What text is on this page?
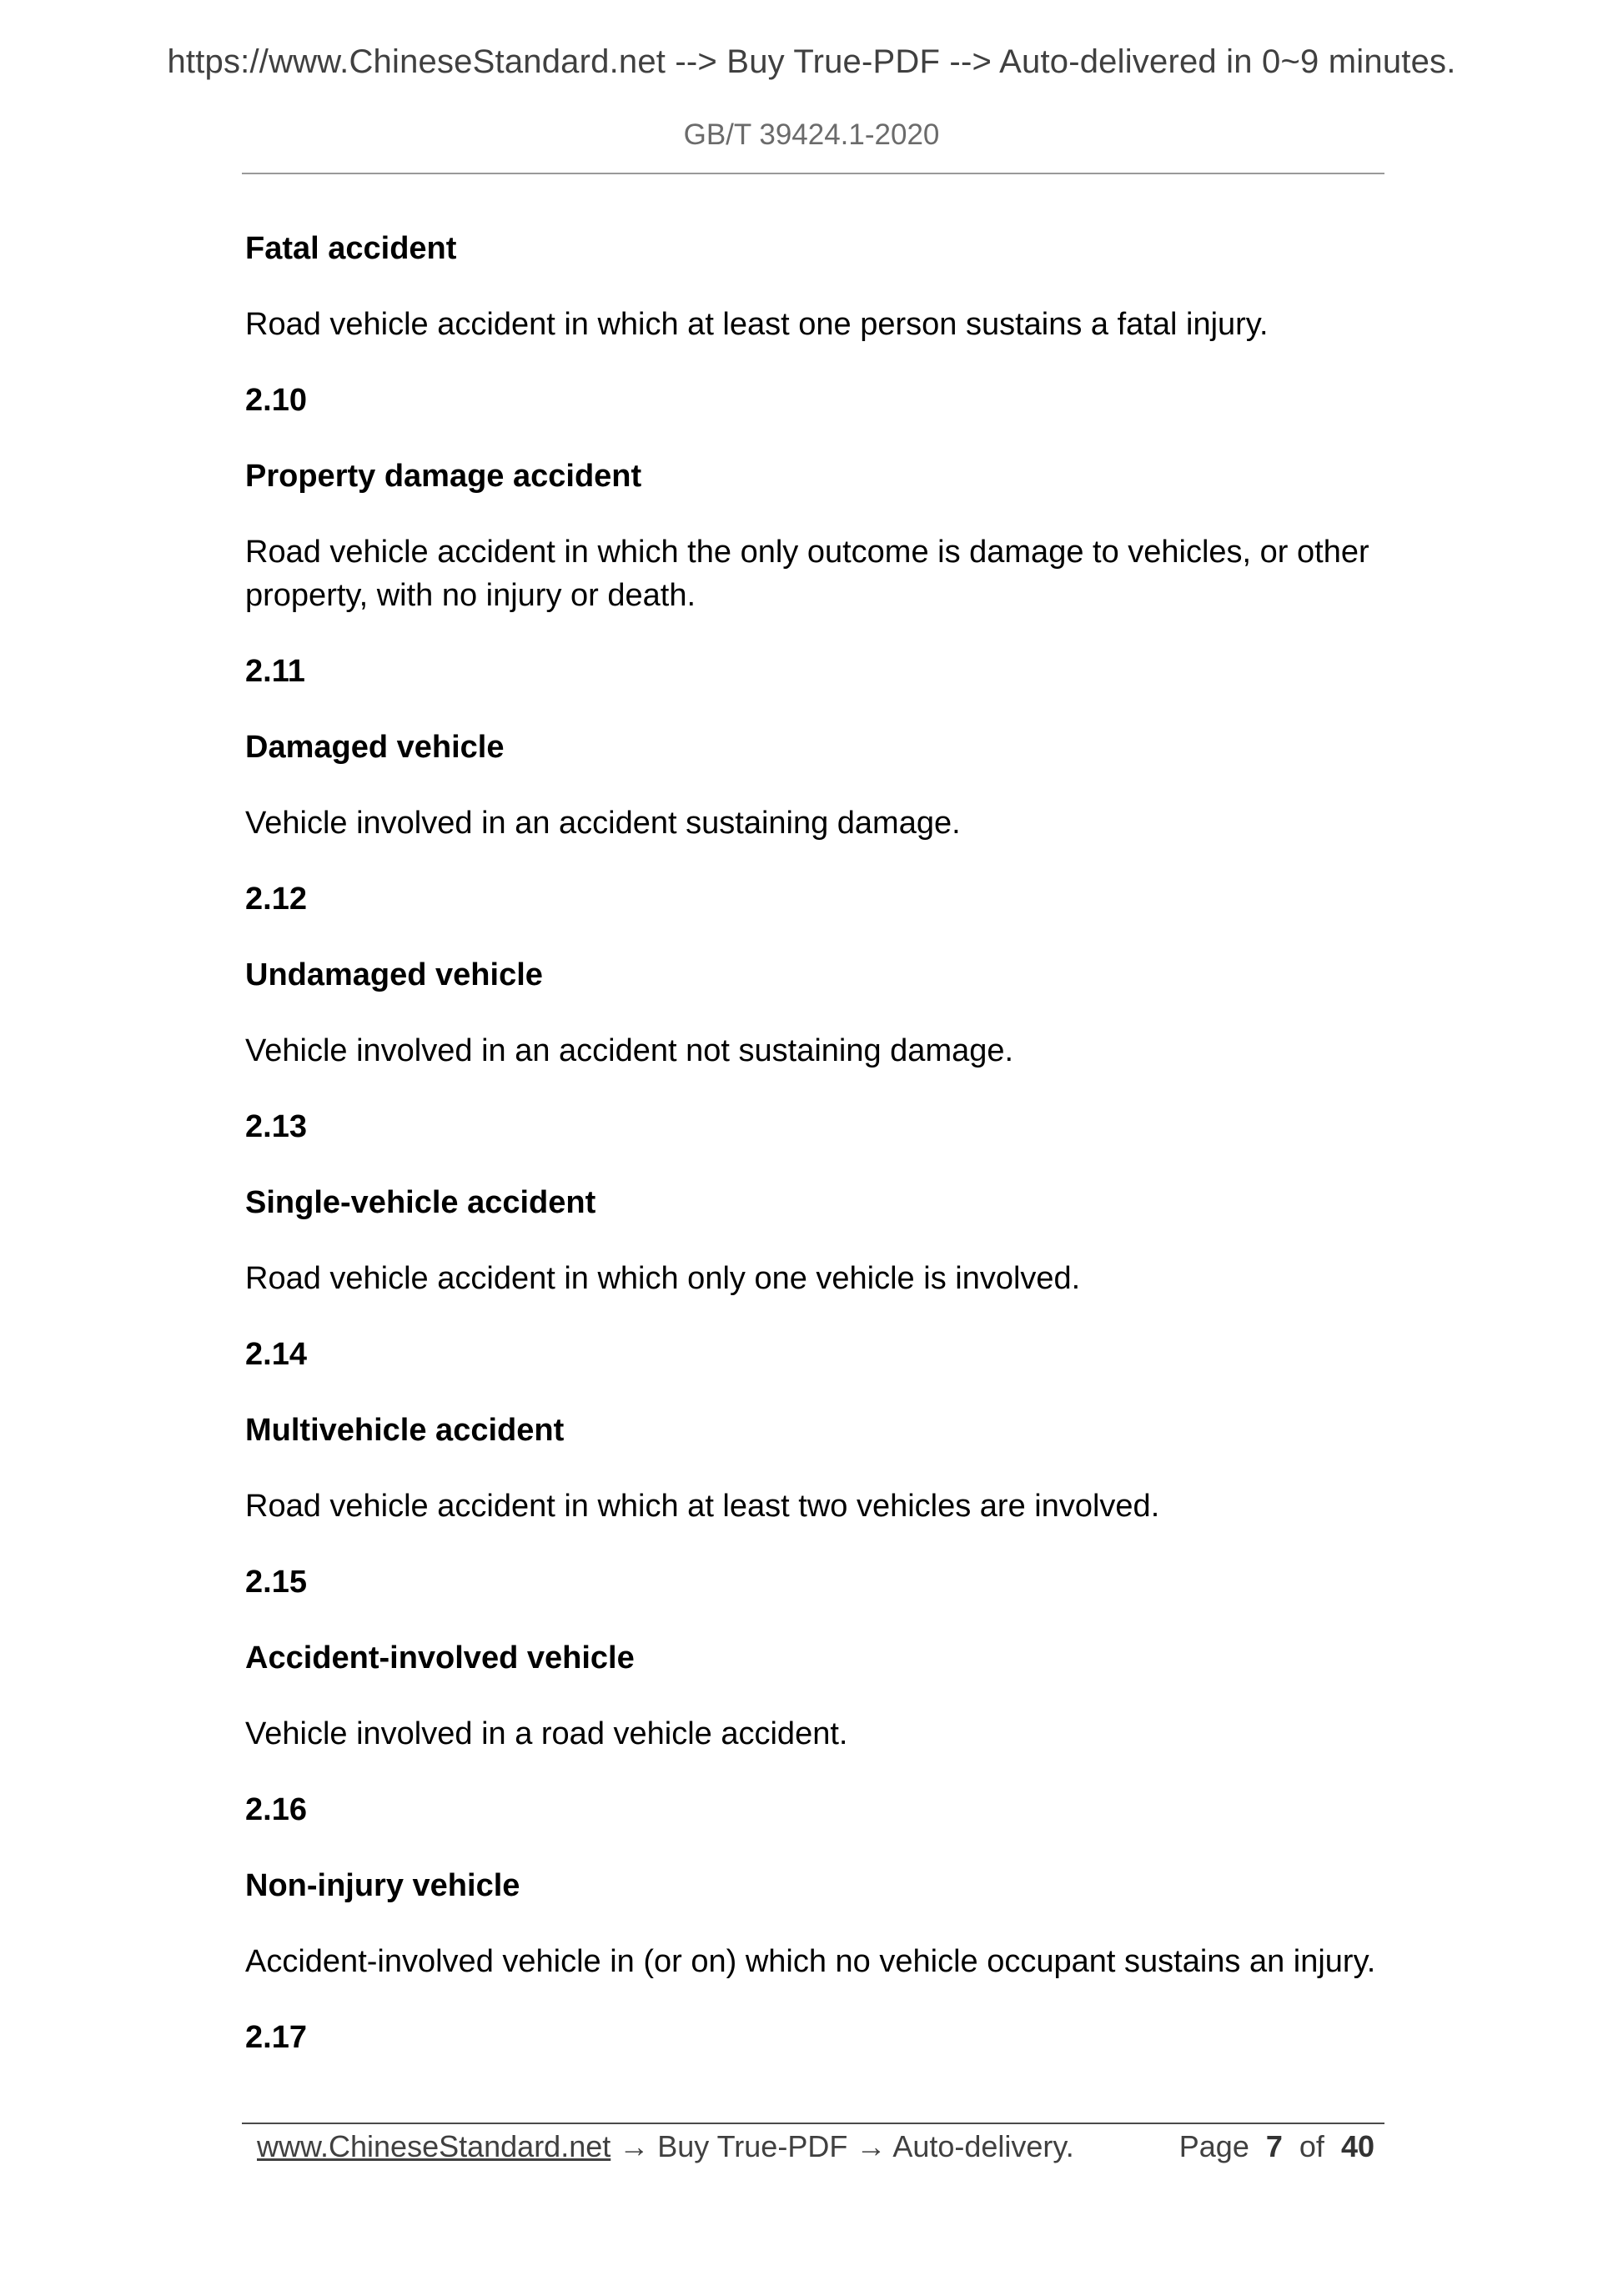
https://www.ChineseStandard.net --> Buy True-PDF --> Auto-delivered in 0~9 minutes.
GB/T 39424.1-2020
Fatal accident
Road vehicle accident in which at least one person sustains a fatal injury.
2.10
Property damage accident
Road vehicle accident in which the only outcome is damage to vehicles, or other property, with no injury or death.
2.11
Damaged vehicle
Vehicle involved in an accident sustaining damage.
2.12
Undamaged vehicle
Vehicle involved in an accident not sustaining damage.
2.13
Single-vehicle accident
Road vehicle accident in which only one vehicle is involved.
2.14
Multivehicle accident
Road vehicle accident in which at least two vehicles are involved.
2.15
Accident-involved vehicle
Vehicle involved in a road vehicle accident.
2.16
Non-injury vehicle
Accident-involved vehicle in (or on) which no vehicle occupant sustains an injury.
2.17
www.ChineseStandard.net → Buy True-PDF → Auto-delivery.	Page 7 of 40
